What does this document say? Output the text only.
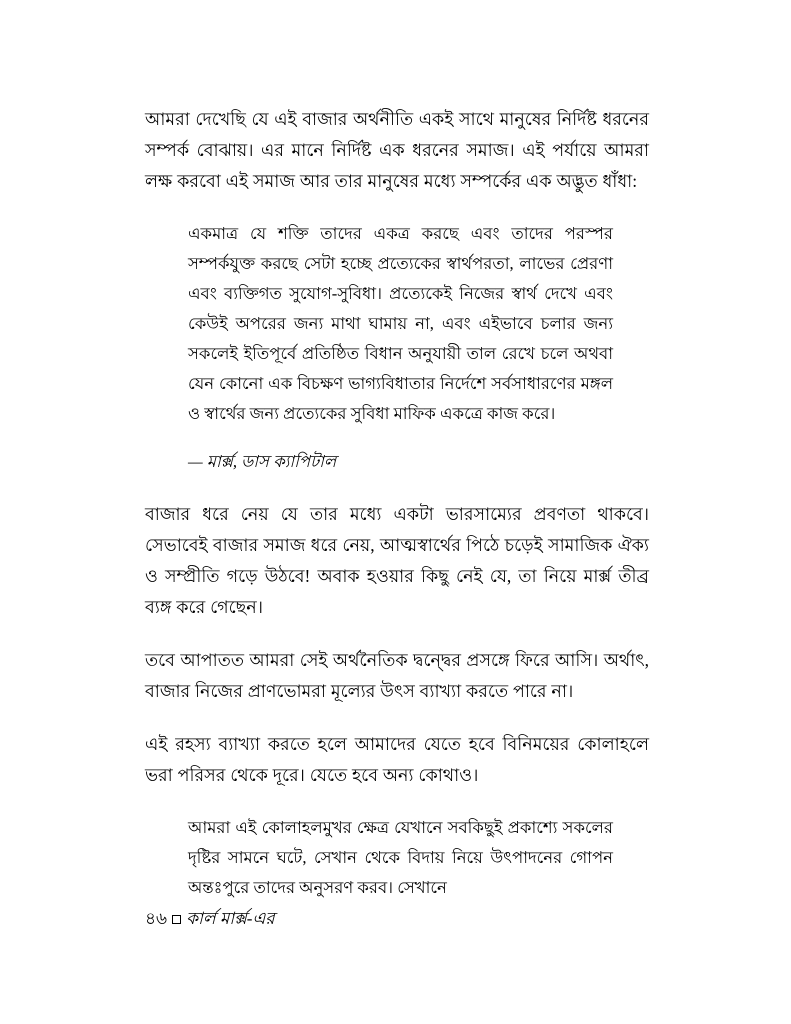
আমরা দেখেছি যে এই বাজার অর্থনীতি একই সাথে মানুষের নির্দিষ্ট ধরনের সম্পর্ক বোঝায়। এর মানে নির্দিষ্ট এক ধরনের সমাজ। এই পর্যায়ে আমরা লক্ষ করবো এই সমাজ আর তার মানুষের মধ্যে সম্পর্কের এক অদ্ভুত ধাঁধা:

একমাত্র যে শক্তি তাদের একত্র করছে এবং তাদের পরস্পর সম্পর্কযুক্ত করছে সেটা হচ্ছে প্রত্যেকের স্বার্থপরতা, লাভের প্রেরণা এবং ব্যক্তিগত সুযোগ-সুবিধা। প্রত্যেকেই নিজের স্বার্থ দেখে এবং কেউই অপরের জন্য মাথা ঘামায় না, এবং এইভাবে চলার জন্য সকলেই ইতিপূর্বে প্রতিষ্ঠিত বিধান অনুযায়ী তাল রেখে চলে অথবা যেন কোনো এক বিচক্ষণ ভাগ্যবিধাতার নির্দেশে সর্বসাধারণের মঙ্গল ও স্বার্থের জন্য প্রত্যেকের সুবিধা মাফিক একত্রে কাজ করে।

— মার্ক্স, ডাস ক্যাপিটাল

বাজার ধরে নেয় যে তার মধ্যে একটা ভারসাম্যের প্রবণতা থাকবে। সেভাবেই বাজার সমাজ ধরে নেয়, আত্মস্বার্থের পিঠে চড়েই সামাজিক ঐক্য ও সম্প্রীতি গড়ে উঠবে! অবাক হওয়ার কিছু নেই যে, তা নিয়ে মার্ক্স তীব্র ব্যঙ্গ করে গেছেন।

তবে আপাতত আমরা সেই অর্থনৈতিক দ্বন্দ্বের প্রসঙ্গে ফিরে আসি। অর্থাৎ, বাজার নিজের প্রাণভোমরা মূল্যের উৎস ব্যাখ্যা করতে পারে না।

এই রহস্য ব্যাখ্যা করতে হলে আমাদের যেতে হবে বিনিময়ের কোলাহলে ভরা পরিসর থেকে দূরে। যেতে হবে অন্য কোথাও।

আমরা এই কোলাহলমুখর ক্ষেত্র যেখানে সবকিছুই প্রকাশ্যে সকলের দৃষ্টির সামনে ঘটে, সেখান থেকে বিদায় নিয়ে উৎপাদনের গোপন অন্তঃপুরে তাদের অনুসরণ করব। সেখানে

৪৬ কার্ল মার্ক্স-এর
